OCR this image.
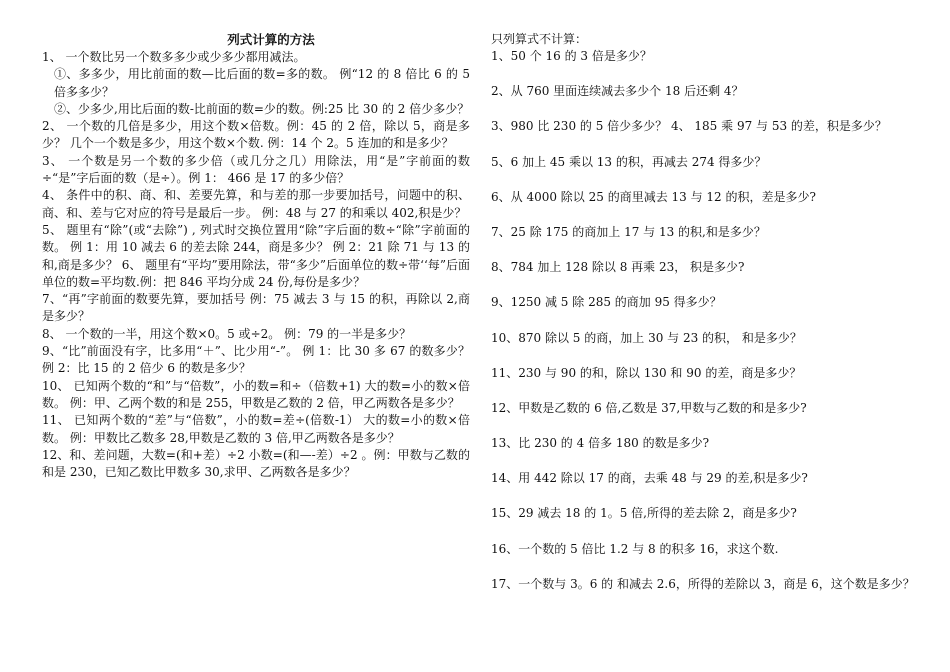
列式计算的方法

1、 一个数比另一个数多多少或少多少都用减法。

①、多多少，用比前面的数—比后面的数=多的数。 例“12 的 8 倍比 6 的 5 倍多多少？

②、少多少,用比后面的数-比前面的数=少的数。例:25 比 30 的 2 倍少多少？

2、 一个数的几倍是多少，用这个数×倍数。例：45 的 2 倍，除以 5，商是多少？ 几个一个数是多少，用这个数×个数. 例：14 个 2。5 连加的和是多少？

3、 一个数是另一个数的多少倍（或几分之几）用除法，用“是”字前面的数÷“是”字后面的数（是÷）。例 1： 466 是 17 的多少倍？

4、 条件中的积、商、和、差要先算，和与差的那一步要加括号，问题中的积、商、和、差与它对应的符号是最后一步。 例：48 与 27 的和乘以 402,积是少？

5、 题里有“除”(或“去除”) , 列式时交换位置用“除”字后面的数÷“除”字前面的数。 例 1：用 10 减去 6 的差去除 244，商是多少？ 例 2：21 除 71 与 13 的和,商是多少？ 6、 题里有“平均”要用除法，带“多少”后面单位的数÷带‘‘每”后面单位的数=平均数.例：把 846 平均分成 24 份,每份是多少？

7、“再”字前面的数要先算，要加括号 例：75 减去 3 与 15 的积，再除以 2,商是多少？

8、 一个数的一半，用这个数×0。5 或÷2。 例：79 的一半是多少？

9、“比”前面没有字，比多用“＋”、比少用“-”。 例 1：比 30 多 67 的数多少？ 例 2：比 15 的 2 倍少 6 的数是多少？

10、 已知两个数的“和”与“倍数”，小的数=和÷（倍数+1) 大的数=小的数×倍数。 例：甲、乙两个数的和是 255，甲数是乙数的 2 倍，甲乙两数各是多少？

11、 已知两个数的“差”与“倍数”，小的数=差÷(倍数-1） 大的数=小的数×倍数。 例：甲数比乙数多 28,甲数是乙数的 3 倍,甲乙两数各是多少？

12、和、差问题，大数=(和+差）÷2 小数=(和—-差）÷2 。例：甲数与乙数的和是 230，已知乙数比甲数多 30,求甲、乙两数各是多少？

只列算式不计算：

1、50 个 16 的 3 倍是多少？

2、从 760 里面连续减去多少个 18 后还剩 4？

3、980 比 230 的 5 倍少多少？ 4、 185 乘 97 与 53 的差，积是多少？

5、6 加上 45 乘以 13 的积，再减去 274 得多少？

6、从 4000 除以 25 的商里减去 13 与 12 的积，差是多少?

7、25 除 175 的商加上 17 与 13 的积,和是多少？

8、784 加上 128 除以 8 再乘 23， 积是多少?

9、1250 减 5 除 285 的商加 95 得多少？

10、870 除以 5 的商，加上 30 与 23 的积， 和是多少？

11、230 与 90 的和，除以 130 和 90 的差，商是多少？

12、甲数是乙数的 6 倍,乙数是 37,甲数与乙数的和是多少?

13、比 230 的 4 倍多 180 的数是多少?

14、用 442 除以 17 的商，去乘 48 与 29 的差,积是多少?

15、29 减去 18 的 1。5 倍,所得的差去除 2，商是多少?

16、一个数的 5 倍比 1.2 与 8 的积多 16，求这个数.

17、一个数与 3。6 的 和减去 2.6，所得的差除以 3，商是 6，这个数是多少？
